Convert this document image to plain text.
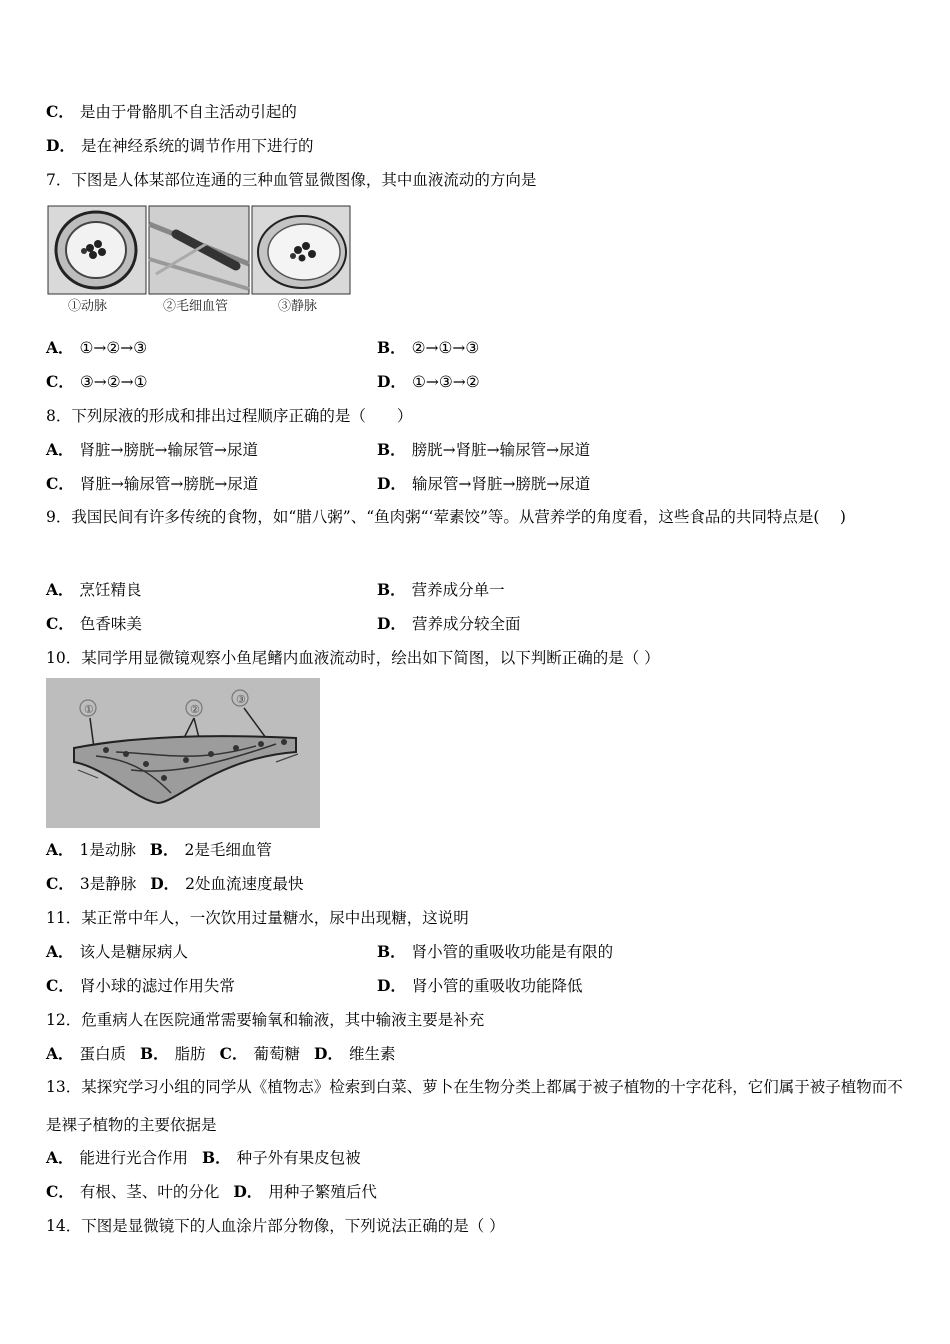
C． 是由于骨骼肌不自主活动引起的
D． 是在神经系统的调节作用下进行的
7．下图是人体某部位连通的三种血管显微图像，其中血液流动的方向是
①动脉	②毛细血管	③静脉
A． ①→②→③	B． ②→①→③
C． ③→②→①	D． ①→③→②
8．下列尿液的形成和排出过程顺序正确的是（　　）
A． 肾脏→膀胱→输尿管→尿道	B． 膀胱→肾脏→输尿管→尿道
C． 肾脏→输尿管→膀胱→尿道	D． 输尿管→肾脏→膀胱→尿道
9．我国民间有许多传统的食物，如“腊八粥”、“鱼肉粥“‘荤素饺”等。从营养学的角度看，这些食品的共同特点是(　 )
A． 烹饪精良	B． 营养成分单一
C． 色香味美	D． 营养成分较全面
10．某同学用显微镜观察小鱼尾鳍内血液流动时，绘出如下简图，以下判断正确的是（ ）
①	②
③
A． 1是动脉 B． 2是毛细血管
C． 3是静脉 D． 2处血流速度最快
11．某正常中年人，一次饮用过量糖水，尿中出现糖，这说明
A． 该人是糖尿病人	B． 肾小管的重吸收功能是有限的
C． 肾小球的滤过作用失常	D． 肾小管的重吸收功能降低
12．危重病人在医院通常需要输氧和输液，其中输液主要是补充
A． 蛋白质 B． 脂肪 C． 葡萄糖 D． 维生素
13．某探究学习小组的同学从《植物志》检索到白菜、萝卜在生物分类上都属于被子植物的十字花科，它们属于被子植物而不是裸子植物的主要依据是
A． 能进行光合作用 B． 种子外有果皮包被
C． 有根、茎、叶的分化 D． 用种子繁殖后代
14．下图是显微镜下的人血涂片部分物像，下列说法正确的是（ ）
